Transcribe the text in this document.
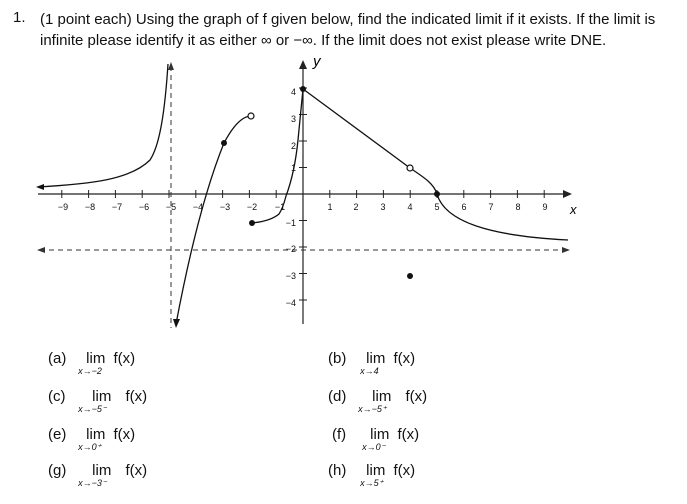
1. (1 point each) Using the graph of f given below, find the indicated limit if it exists. If the limit is infinite please identify it as either ∞ or −∞. If the limit does not exist please write DNE.
−9 −8 −7 −6 −5 −4 −3 −2 −1	1 2 3 4 5 6 7 8 9
4
3
2
1
−1
−2
−3
−4
y
x
(a) lim
x→−2
f(x)	(b) lim
x→4
f(x)
(c) lim
x→−5⁻
f(x)	(d) lim
x→−5⁺
f(x)
(e) lim
x→0⁺
f(x)	(f) lim
x→0⁻
f(x)
(g) lim
x→−3⁻
f(x)	(h) lim
x→5⁺
f(x)
